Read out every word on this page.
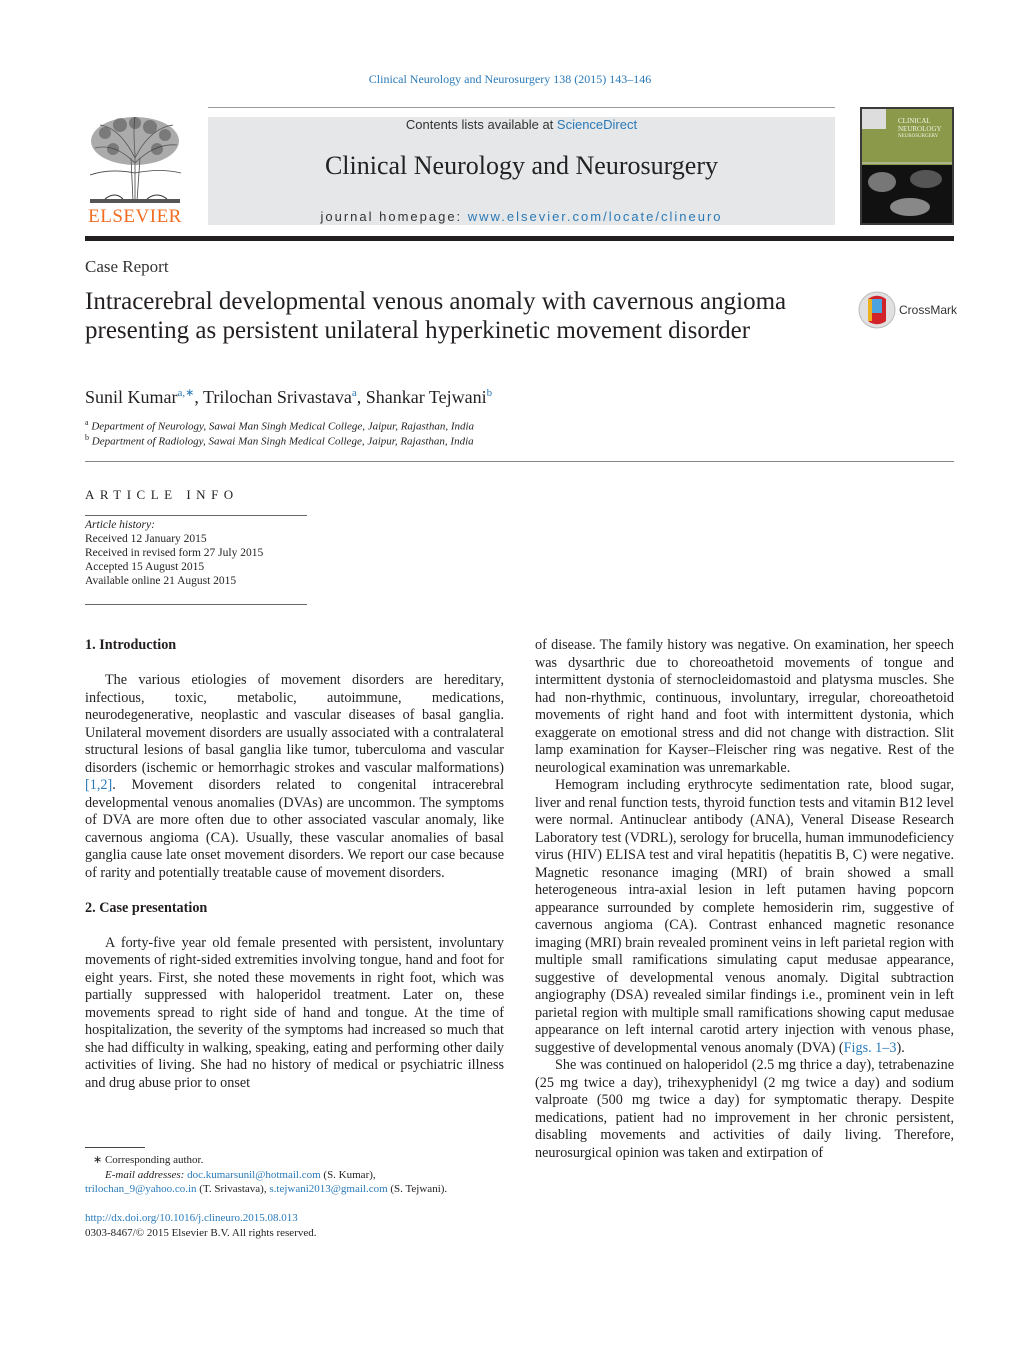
Clinical Neurology and Neurosurgery 138 (2015) 143–146
ELSEVIER
Contents lists available at ScienceDirect
Clinical Neurology and Neurosurgery
journal homepage: www.elsevier.com/locate/clineuro
CLINICAL
NEUROLOGY
NEUROSURGERY
Case Report
Intracerebral developmental venous anomaly with cavernous angioma presenting as persistent unilateral hyperkinetic movement disorder
CrossMark
Sunil Kumar$^{a,∗}$, Trilochan Srivastava$^a$, Shankar Tejwani$^b$
$^a$ Department of Neurology, Sawai Man Singh Medical College, Jaipur, Rajasthan, India
$^b$ Department of Radiology, Sawai Man Singh Medical College, Jaipur, Rajasthan, India
ARTICLE INFO
Article history:
Received 12 January 2015
Received in revised form 27 July 2015
Accepted 15 August 2015
Available online 21 August 2015
1. Introduction

The various etiologies of movement disorders are hereditary, infectious, toxic, metabolic, autoimmune, medications, neurodegenerative, neoplastic and vascular diseases of basal ganglia. Unilateral movement disorders are usually associated with a contralateral structural lesions of basal ganglia like tumor, tuberculoma and vascular disorders (ischemic or hemorrhagic strokes and vascular malformations) [1,2]. Movement disorders related to congenital intracerebral developmental venous anomalies (DVAs) are uncommon. The symptoms of DVA are more often due to other associated vascular anomaly, like cavernous angioma (CA). Usually, these vascular anomalies of basal ganglia cause late onset movement disorders. We report our case because of rarity and potentially treatable cause of movement disorders.

2. Case presentation

A forty-five year old female presented with persistent, involuntary movements of right-sided extremities involving tongue, hand and foot for eight years. First, she noted these movements in right foot, which was partially suppressed with haloperidol treatment. Later on, these movements spread to right side of hand and tongue. At the time of hospitalization, the severity of the symptoms had increased so much that she had difficulty in walking, speaking, eating and performing other daily activities of living. She had no history of medical or psychiatric illness and drug abuse prior to onset

of disease. The family history was negative. On examination, her speech was dysarthric due to choreoathetoid movements of tongue and intermittent dystonia of sternocleidomastoid and platysma muscles. She had non-rhythmic, continuous, involuntary, irregular, choreoathetoid movements of right hand and foot with intermittent dystonia, which exaggerate on emotional stress and did not change with distraction. Slit lamp examination for Kayser–Fleischer ring was negative. Rest of the neurological examination was unremarkable.

Hemogram including erythrocyte sedimentation rate, blood sugar, liver and renal function tests, thyroid function tests and vitamin B12 level were normal. Antinuclear antibody (ANA), Veneral Disease Research Laboratory test (VDRL), serology for brucella, human immunodeficiency virus (HIV) ELISA test and viral hepatitis (hepatitis B, C) were negative. Magnetic resonance imaging (MRI) of brain showed a small heterogeneous intra-axial lesion in left putamen having popcorn appearance surrounded by complete hemosiderin rim, suggestive of cavernous angioma (CA). Contrast enhanced magnetic resonance imaging (MRI) brain revealed prominent veins in left parietal region with multiple small ramifications simulating caput medusae appearance, suggestive of developmental venous anomaly. Digital subtraction angiography (DSA) revealed similar findings i.e., prominent vein in left parietal region with multiple small ramifications showing caput medusae appearance on left internal carotid artery injection with venous phase, suggestive of developmental venous anomaly (DVA) (Figs. 1–3).

She was continued on haloperidol (2.5 mg thrice a day), tetrabenazine (25 mg twice a day), trihexyphenidyl (2 mg twice a day) and sodium valproate (500 mg twice a day) for symptomatic therapy. Despite medications, patient had no improvement in her chronic persistent, disabling movements and activities of daily living. Therefore, neurosurgical opinion was taken and extirpation of

∗ Corresponding author.
E-mail addresses: doc.kumarsunil@hotmail.com (S. Kumar),
trilochan_9@yahoo.co.in (T. Srivastava), s.tejwani2013@gmail.com (S. Tejwani).
http://dx.doi.org/10.1016/j.clineuro.2015.08.013
0303-8467/© 2015 Elsevier B.V. All rights reserved.
